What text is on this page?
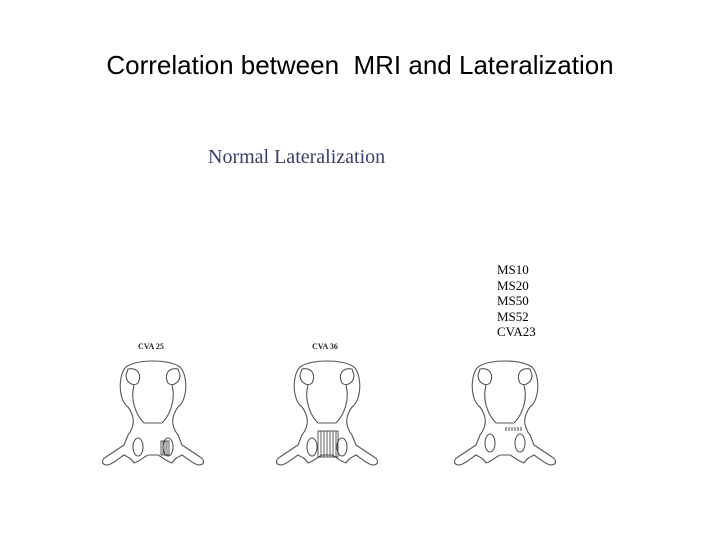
Correlation between  MRI and Lateralization
Normal Lateralization
MS10
MS20
MS50
MS52
CVA23
CVA 25	CVA 36
